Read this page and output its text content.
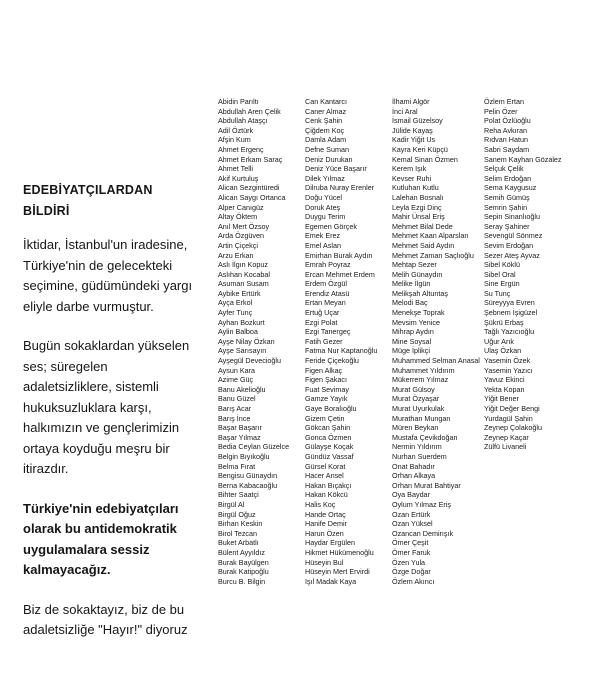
EDEBİYATÇILARDAN BİLDİRİ

İktidar, İstanbul'un iradesine, Türkiye'nin de gelecekteki seçimine, güdümündeki yargı eliyle darbe vurmuştur.

Bugün sokaklardan yükselen ses; süregelen adaletsizliklere, sistemli hukuksuzluklara karşı, halkımızın ve gençlerimizin ortaya koyduğu meşru bir itirazdır.

Türkiye'nin edebiyatçıları olarak bu antidemokratik uygulamalara sessiz kalmayacağız.

Biz de sokaktayız, biz de bu adaletsizliğe "Hayır!" diyoruz

Abidin Parıltı
Abdullah Aren Çelik
Abdullah Ataşçı
Adil Öztürk
Afşin Kum
Ahmet Ergenç
Ahmet Erkam Saraç
Ahmet Telli
Akif Kurtuluş
Alican Sezgintüredi
Alican Saygı Ortanca
Alper Canıgüz
Altay Öktem
Anıl Mert Özsoy
Arda Özgüven
Artin Çiçekçi
Arzu Erkan
Aslı İlgın Kopuz
Aslıhan Kocabal
Asuman Susam
Aybike Ertürk
Ayça Erkol
Ayfer Tunç
Ayhan Bozkurt
Aylin Balboa
Ayşe Nilay Özkan
Ayşe Sarısayın
Ayşegül Devecioğlu
Aysun Kara
Azime Güç
Banu Akelioğlu
Banu Güzel
Barış Acar
Barış İnce
Başar Başarır
Başar Yılmaz
Bedia Ceylan Güzelce
Belgin Bıyıkoğlu
Belma Fırat
Bengisu Günaydın
Berna Kabacaoğlu
Bihter Saatçi
Birgül Al
Birgül Oğuz
Birhan Keskin
Birol Tezcan
Buket Arbatlı
Bülent Ayyıldız
Burak Bayülgen
Burak Katipoğlu
Burcu B. Bilgin
Can Kantarcı
Caner Almaz
Cenk Şahin
Çiğdem Koç
Damla Adam
Defne Suman
Deniz Durukan
Deniz Yüce Başarır
Dilek Yılmaz
Dilruba Nuray Erenler
Doğu Yücel
Doruk Ateş
Duygu Terim
Egemen Görçek
Emek Erez
Emel Aslan
Emirhan Burak Aydın
Emrah Poyraz
Ercan Mehmet Erdem
Erdem Özgül
Erendiz Atasü
Ertan Meyan
Ertuğ Uçar
Ezgi Polat
Ezgi Tanergeç
Fatih Gezer
Fatma Nur Kaptanoğlu
Feride Çiçekoğlu
Figen Alkaç
Figen Şakacı
Fuat Sevimay
Gamze Yayık
Gaye Boralıoğlu
Gizem Çetin
Gökcan Şahin
Gonca Özmen
Gülayşe Koçak
Gündüz Vassaf
Gürsel Korat
Hacer Ansel
Hakan Bıçakçı
Hakan Kökcü
Halis Koç
Hande Ortaç
Hanife Demir
Harun Özen
Haydar Ergülen
Hikmet Hükümenoğlu
Hüseyin Bul
Hüseyin Mert Ervirdi
Işıl Madak Kaya
İlhami Algör
İnci Aral
İsmail Güzelsoy
Jülide Kayaş
Kadir Yiğit Us
Kayra Keri Küpçü
Kemal Sinan Özmen
Kerem Işık
Kevser Ruhi
Kutluhan Kutlu
Lalehan Bosnalı
Leyla Ezgi Dinç
Mahir Ünsal Eriş
Mehmet Bilal Dede
Mehmet Kaan Alparslan
Mehmet Said Aydın
Mehmet Zaman Saçlıoğlu
Mehtap Sezer
Melih Günaydın
Melike İlgün
Melikşah Altuntaş
Melodi Baç
Menekşe Toprak
Mevsim Yenice
Mihrap Aydın
Mine Soysal
Müge İplikçi
Muhammed Selman Anasal
Muhammet Yıldırım
Mükerrem Yılmaz
Murat Gülsoy
Murat Özyaşar
Murat Uyurkulak
Murathan Mungan
Müren Beykan
Mustafa Çevikdoğan
Nermin Yıldırım
Nurhan Suerdem
Onat Bahadır
Orhan Alkaya
Orhan Murat Bahtiyar
Oya Baydar
Oylum Yılmaz Eriş
Ozan Ertürk
Ozan Yüksel
Ozancan Demirışık
Ömer Çeşit
Ömer Faruk
Özen Yula
Özge Doğar
Özlem Akıncı
Özlem Ertan
Pelin Özer
Polat Özlüoğlu
Reha Avkıran
Rıdvan Hatun
Sabri Saydam
Sanem Kayhan Gözalez
Selçuk Çelik
Selim Erdoğan
Sema Kaygusuz
Semih Gümüş
Semrin Şahin
Sepin Sinanlıoğlu
Seray Şahiner
Sevengül Sönmez
Sevim Erdoğan
Sezer Ateş Ayvaz
Sibel Köklü
Sibel Oral
Sine Ergün
Su Tunç
Süreyyya Evren
Şebnem İşigüzel
Şükrü Erbaş
Tağlı Yazıcıoğlu
Uğur Arık
Ulaş Özkan
Yasemin Özek
Yasemin Yazıcı
Yavuz Ekinci
Yekta Kopan
Yiğit Bener
Yiğit Değer Bengi
Yurdagül Şahin
Zeynep Çolakoğlu
Zeynep Kaçar
Zülfü Livaneli
